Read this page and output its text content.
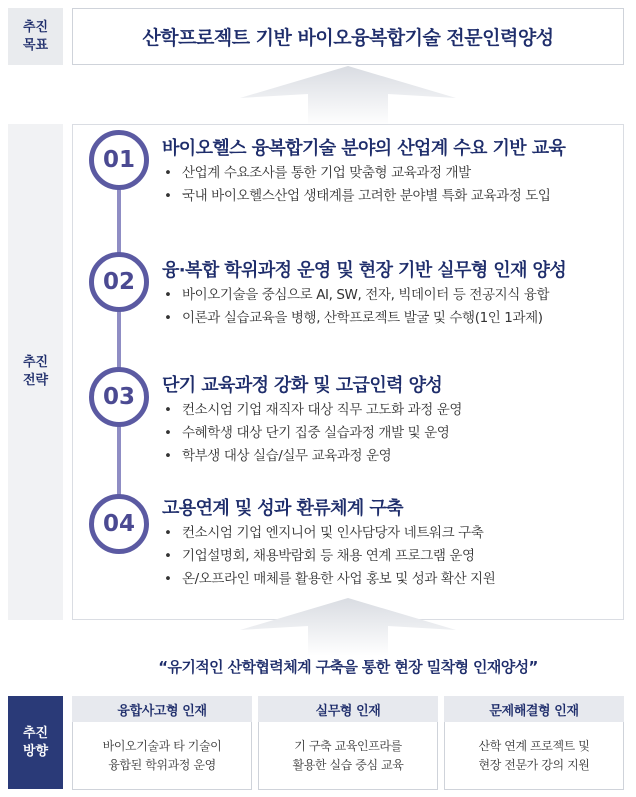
추진
목표	산학프로젝트 기반 바이오융복합기술 전문인력양성
추진
전략
01 바이오헬스 융복합기술 분야의 산업계 수요 기반 교육
• 산업계 수요조사를 통한 기업 맞춤형 교육과정 개발
• 국내 바이오헬스산업 생태계를 고려한 분야별 특화 교육과정 도입
02 융·복합 학위과정 운영 및 현장 기반 실무형 인재 양성
• 바이오기술을 중심으로 AI, SW, 전자, 빅데이터 등 전공지식 융합
• 이론과 실습교육을 병행, 산학프로젝트 발굴 및 수행(1인 1과제)
03 단기 교육과정 강화 및 고급인력 양성
• 컨소시엄 기업 재직자 대상 직무 고도화 과정 운영
• 수혜학생 대상 단기 집중 실습과정 개발 및 운영
• 학부생 대상 실습/실무 교육과정 운영
04
고용연계 및 성과 환류체계 구축
• 컨소시엄 기업 엔지니어 및 인사담당자 네트워크 구축
• 기업설명회, 채용박람회 등 채용 연계 프로그램 운영
• 온/오프라인 매체를 활용한 사업 홍보 및 성과 확산 지원
“유기적인 산학협력체계 구축을 통한 현장 밀착형 인재양성”
추진
방향
융합사고형 인재
바이오기술과 타 기술이
융합된 학위과정 운영
실무형 인재
기 구축 교육인프라를
활용한 실습 중심 교육
문제해결형 인재
산학 연계 프로젝트 및
현장 전문가 강의 지원
